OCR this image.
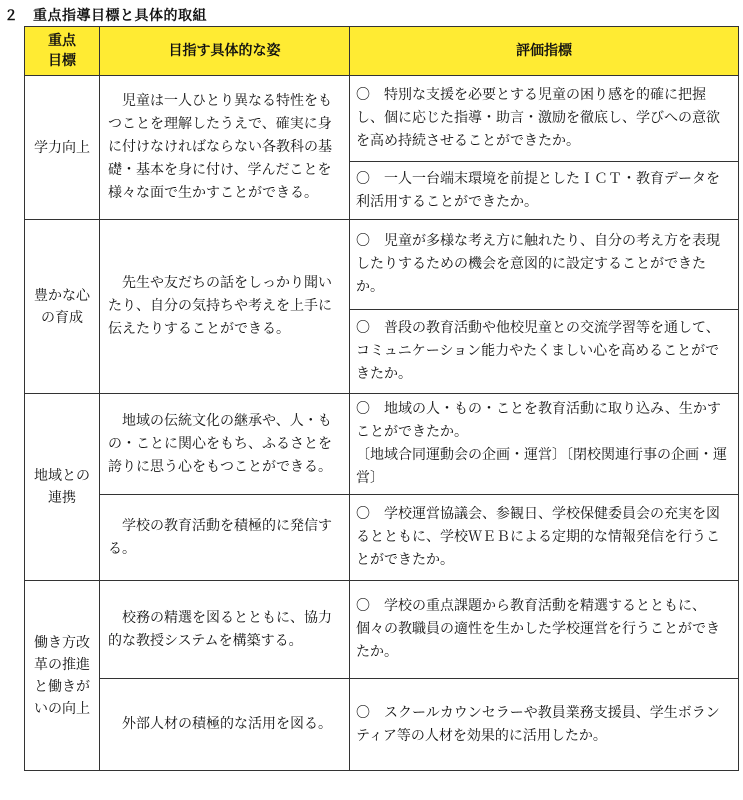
２　重点指導目標と具体的取組
重点
目標	目指す具体的な姿	評価指標
学力向上	　児童は一人ひとり異なる特性をもつことを理解したうえで、確実に身に付けなければならない各教科の基礎・基本を身に付け、学んだことを様々な面で生かすことができる。	〇　特別な支援を必要とする児童の困り感を的確に把握し、個に応じた指導・助言・激励を徹底し、学びへの意欲を高め持続させることができたか。
		〇　一人一台端末環境を前提としたＩＣＴ・教育データを利活用することができたか。
豊かな心
の育成	　先生や友だちの話をしっかり聞いたり、自分の気持ちや考えを上手に伝えたりすることができる。	〇　児童が多様な考え方に触れたり、自分の考え方を表現したりするための機会を意図的に設定することができたか。
		〇　普段の教育活動や他校児童との交流学習等を通して、コミュニケーション能力やたくましい心を高めることができたか。
地域との
連携	　地域の伝統文化の継承や、人・もの・ことに関心をもち、ふるさとを誇りに思う心をもつことができる。	〇　地域の人・もの・ことを教育活動に取り込み、生かすことができたか。
〔地域合同運動会の企画・運営〕〔閉校関連行事の企画・運営〕

	　学校の教育活動を積極的に発信する。	〇　学校運営協議会、参観日、学校保健委員会の充実を図るとともに、学校ＷＥＢによる定期的な情報発信を行うことができたか。
働き方改
革の推進
と働きが
いの向上	　校務の精選を図るとともに、協力的な教授システムを構築する。	〇　学校の重点課題から教育活動を精選するとともに、個々の教職員の適性を生かした学校運営を行うことができたか。
	　外部人材の積極的な活用を図る。	〇　スクールカウンセラーや教員業務支援員、学生ボランティア等の人材を効果的に活用したか。
